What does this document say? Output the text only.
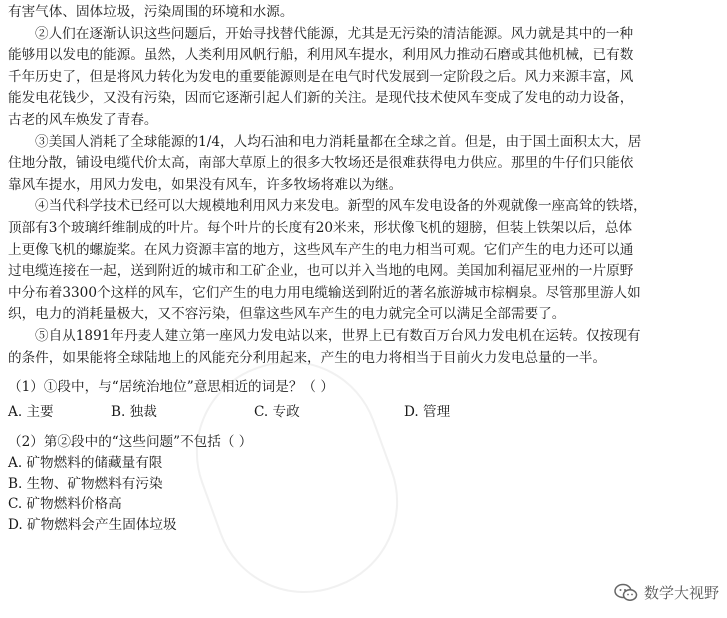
有害气体、固体垃圾，污染周围的环境和水源。
②人们在逐渐认识这些问题后，开始寻找替代能源，尤其是无污染的清洁能源。风力就是其中的一种
能够用以发电的能源。虽然，人类利用风帆行船，利用风车提水，利用风力推动石磨或其他机械，已有数
千年历史了，但是将风力转化为发电的重要能源则是在电气时代发展到一定阶段之后。风力来源丰富，风
能发电花钱少，又没有污染，因而它逐渐引起人们新的关注。是现代技术使风车变成了发电的动力设备，
古老的风车焕发了青春。
③美国人消耗了全球能源的1/4，人均石油和电力消耗量都在全球之首。但是，由于国土面积太大，居
住地分散，铺设电缆代价太高，南部大草原上的很多大牧场还是很难获得电力供应。那里的牛仔们只能依
靠风车提水，用风力发电，如果没有风车，许多牧场将难以为继。
④当代科学技术已经可以大规模地利用风力来发电。新型的风车发电设备的外观就像一座高耸的铁塔，
顶部有3个玻璃纤维制成的叶片。每个叶片的长度有20米来，形状像飞机的翅膀，但装上铁架以后，总体
上更像飞机的螺旋桨。在风力资源丰富的地方，这些风车产生的电力相当可观。它们产生的电力还可以通
过电缆连接在一起，送到附近的城市和工矿企业，也可以并入当地的电网。美国加利福尼亚州的一片原野
中分布着3300个这样的风车，它们产生的电力用电缆输送到附近的著名旅游城市棕榈泉。尽管那里游人如
织，电力的消耗量极大，又不容污染，但靠这些风车产生的电力就完全可以满足全部需要了。
⑤自从1891年丹麦人建立第一座风力发电站以来，世界上已有数百万台风力发电机在运转。仅按现有
的条件，如果能将全球陆地上的风能充分利用起来，产生的电力将相当于目前火力发电总量的一半。
（1）①段中，与“居统治地位”意思相近的词是？（ ）
A. 主要	B. 独裁	C. 专政	D. 管理
（2）第②段中的“这些问题”不包括（ ）
A. 矿物燃料的储藏量有限
B. 生物、矿物燃料有污染
C. 矿物燃料价格高
D. 矿物燃料会产生固体垃圾
数学大视野
